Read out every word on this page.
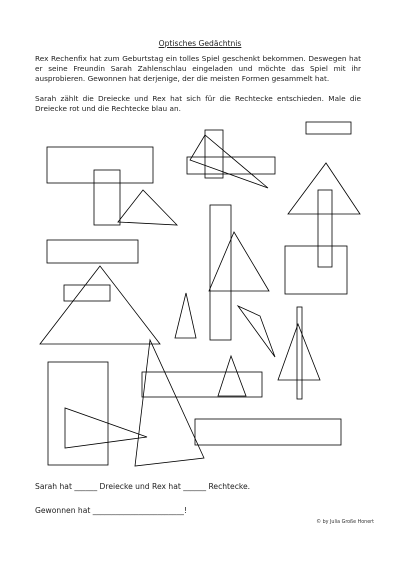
Optisches Gedächtnis

Rex Rechenfix hat zum Geburtstag ein tolles Spiel geschenkt bekommen. Deswegen hat er seine Freundin Sarah Zahlenschlau eingeladen und möchte das Spiel mit ihr ausprobieren. Gewonnen hat derjenige, der die meisten Formen gesammelt hat.

Sarah zählt die Dreiecke und Rex hat sich für die Rechtecke entschieden. Male die Dreiecke rot und die Rechtecke blau an.

Sarah hat ______ Dreiecke und Rex hat ______ Rechtecke.
Gewonnen hat ________________________!
© by Julia Große Honert
